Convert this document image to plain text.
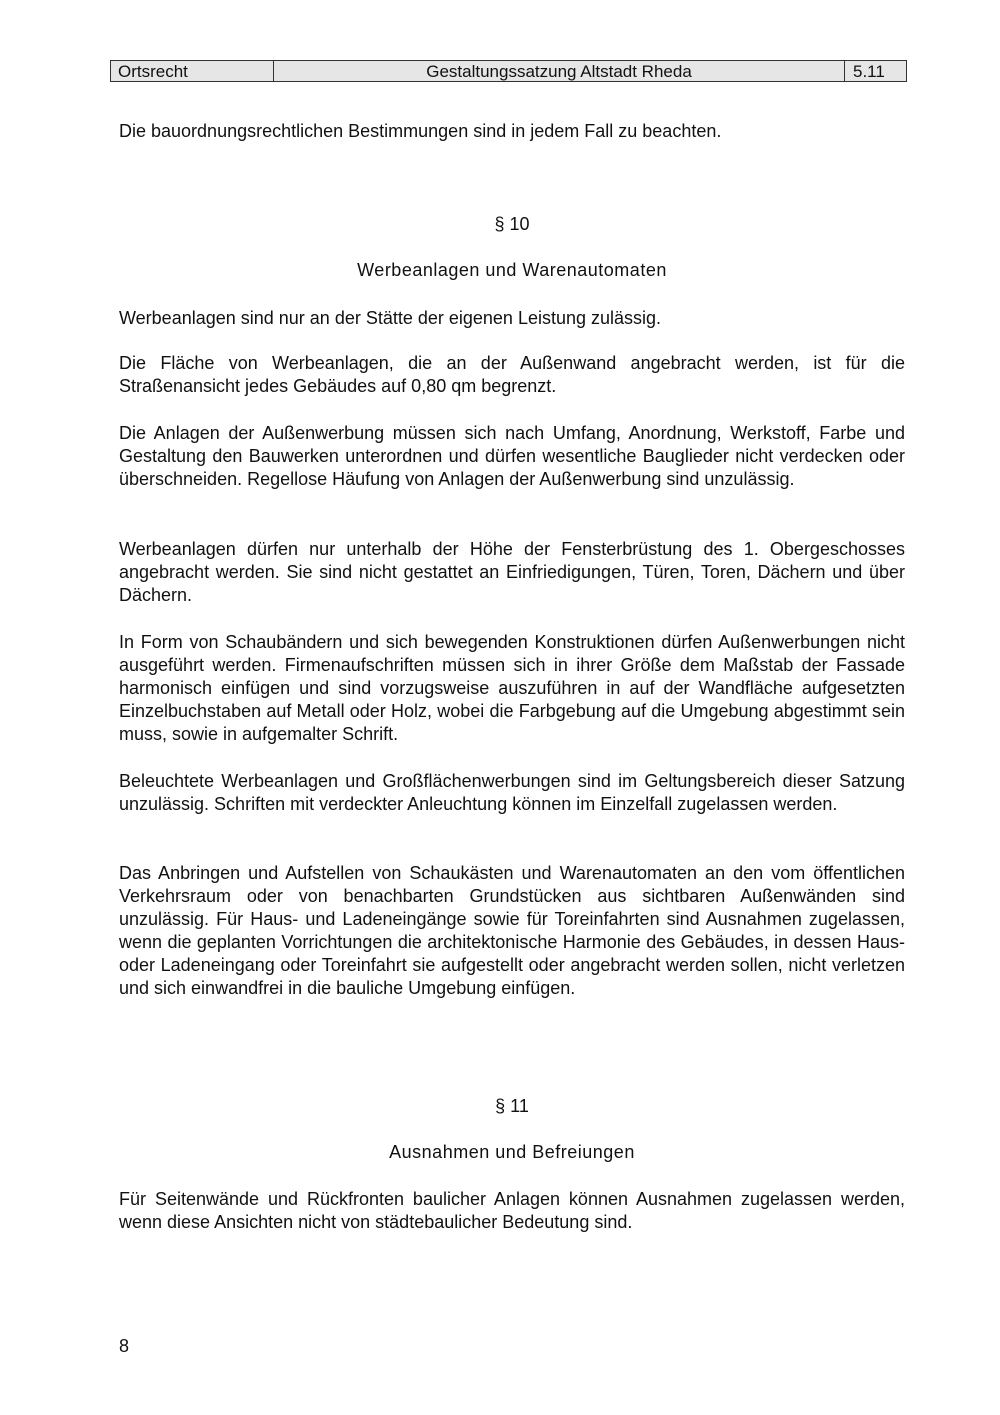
Ortsrecht	Gestaltungssatzung Altstadt Rheda	5.11

Die bauordnungsrechtlichen Bestimmungen sind in jedem Fall zu beachten.

§ 10

Werbeanlagen und Warenautomaten

Werbeanlagen sind nur an der Stätte der eigenen Leistung zulässig.

Die Fläche von Werbeanlagen, die an der Außenwand angebracht werden, ist für die Straßenansicht jedes Gebäudes auf 0,80 qm begrenzt.

Die Anlagen der Außenwerbung müssen sich nach Umfang, Anordnung, Werkstoff, Farbe und Gestaltung den Bauwerken unterordnen und dürfen wesentliche Bauglieder nicht verdecken oder überschneiden. Regellose Häufung von Anlagen der Außenwerbung sind unzulässig.

Werbeanlagen dürfen nur unterhalb der Höhe der Fensterbrüstung des 1. Obergeschosses angebracht werden. Sie sind nicht gestattet an Einfriedigungen, Türen, Toren, Dächern und über Dächern.

In Form von Schaubändern und sich bewegenden Konstruktionen dürfen Außenwerbungen nicht ausgeführt werden. Firmenaufschriften müssen sich in ihrer Größe dem Maßstab der Fassade harmonisch einfügen und sind vorzugsweise auszuführen in auf der Wandfläche aufgesetzten Einzelbuchstaben auf Metall oder Holz, wobei die Farbgebung auf die Umgebung abgestimmt sein muss, sowie in aufgemalter Schrift.

Beleuchtete Werbeanlagen und Großflächenwerbungen sind im Geltungsbereich dieser Satzung unzulässig. Schriften mit verdeckter Anleuchtung können im Einzelfall zugelassen werden.

Das Anbringen und Aufstellen von Schaukästen und Warenautomaten an den vom öffentlichen Verkehrsraum oder von benachbarten Grundstücken aus sichtbaren Außenwänden sind unzulässig. Für Haus- und Ladeneingänge sowie für Toreinfahrten sind Ausnahmen zugelassen, wenn die geplanten Vorrichtungen die architektonische Harmonie des Gebäudes, in dessen Haus- oder Ladeneingang oder Toreinfahrt sie aufgestellt oder angebracht werden sollen, nicht verletzen und sich einwandfrei in die bauliche Umgebung einfügen.

§ 11

Ausnahmen und Befreiungen

Für Seitenwände und Rückfronten baulicher Anlagen können Ausnahmen zugelassen werden, wenn diese Ansichten nicht von städtebaulicher Bedeutung sind.

8
